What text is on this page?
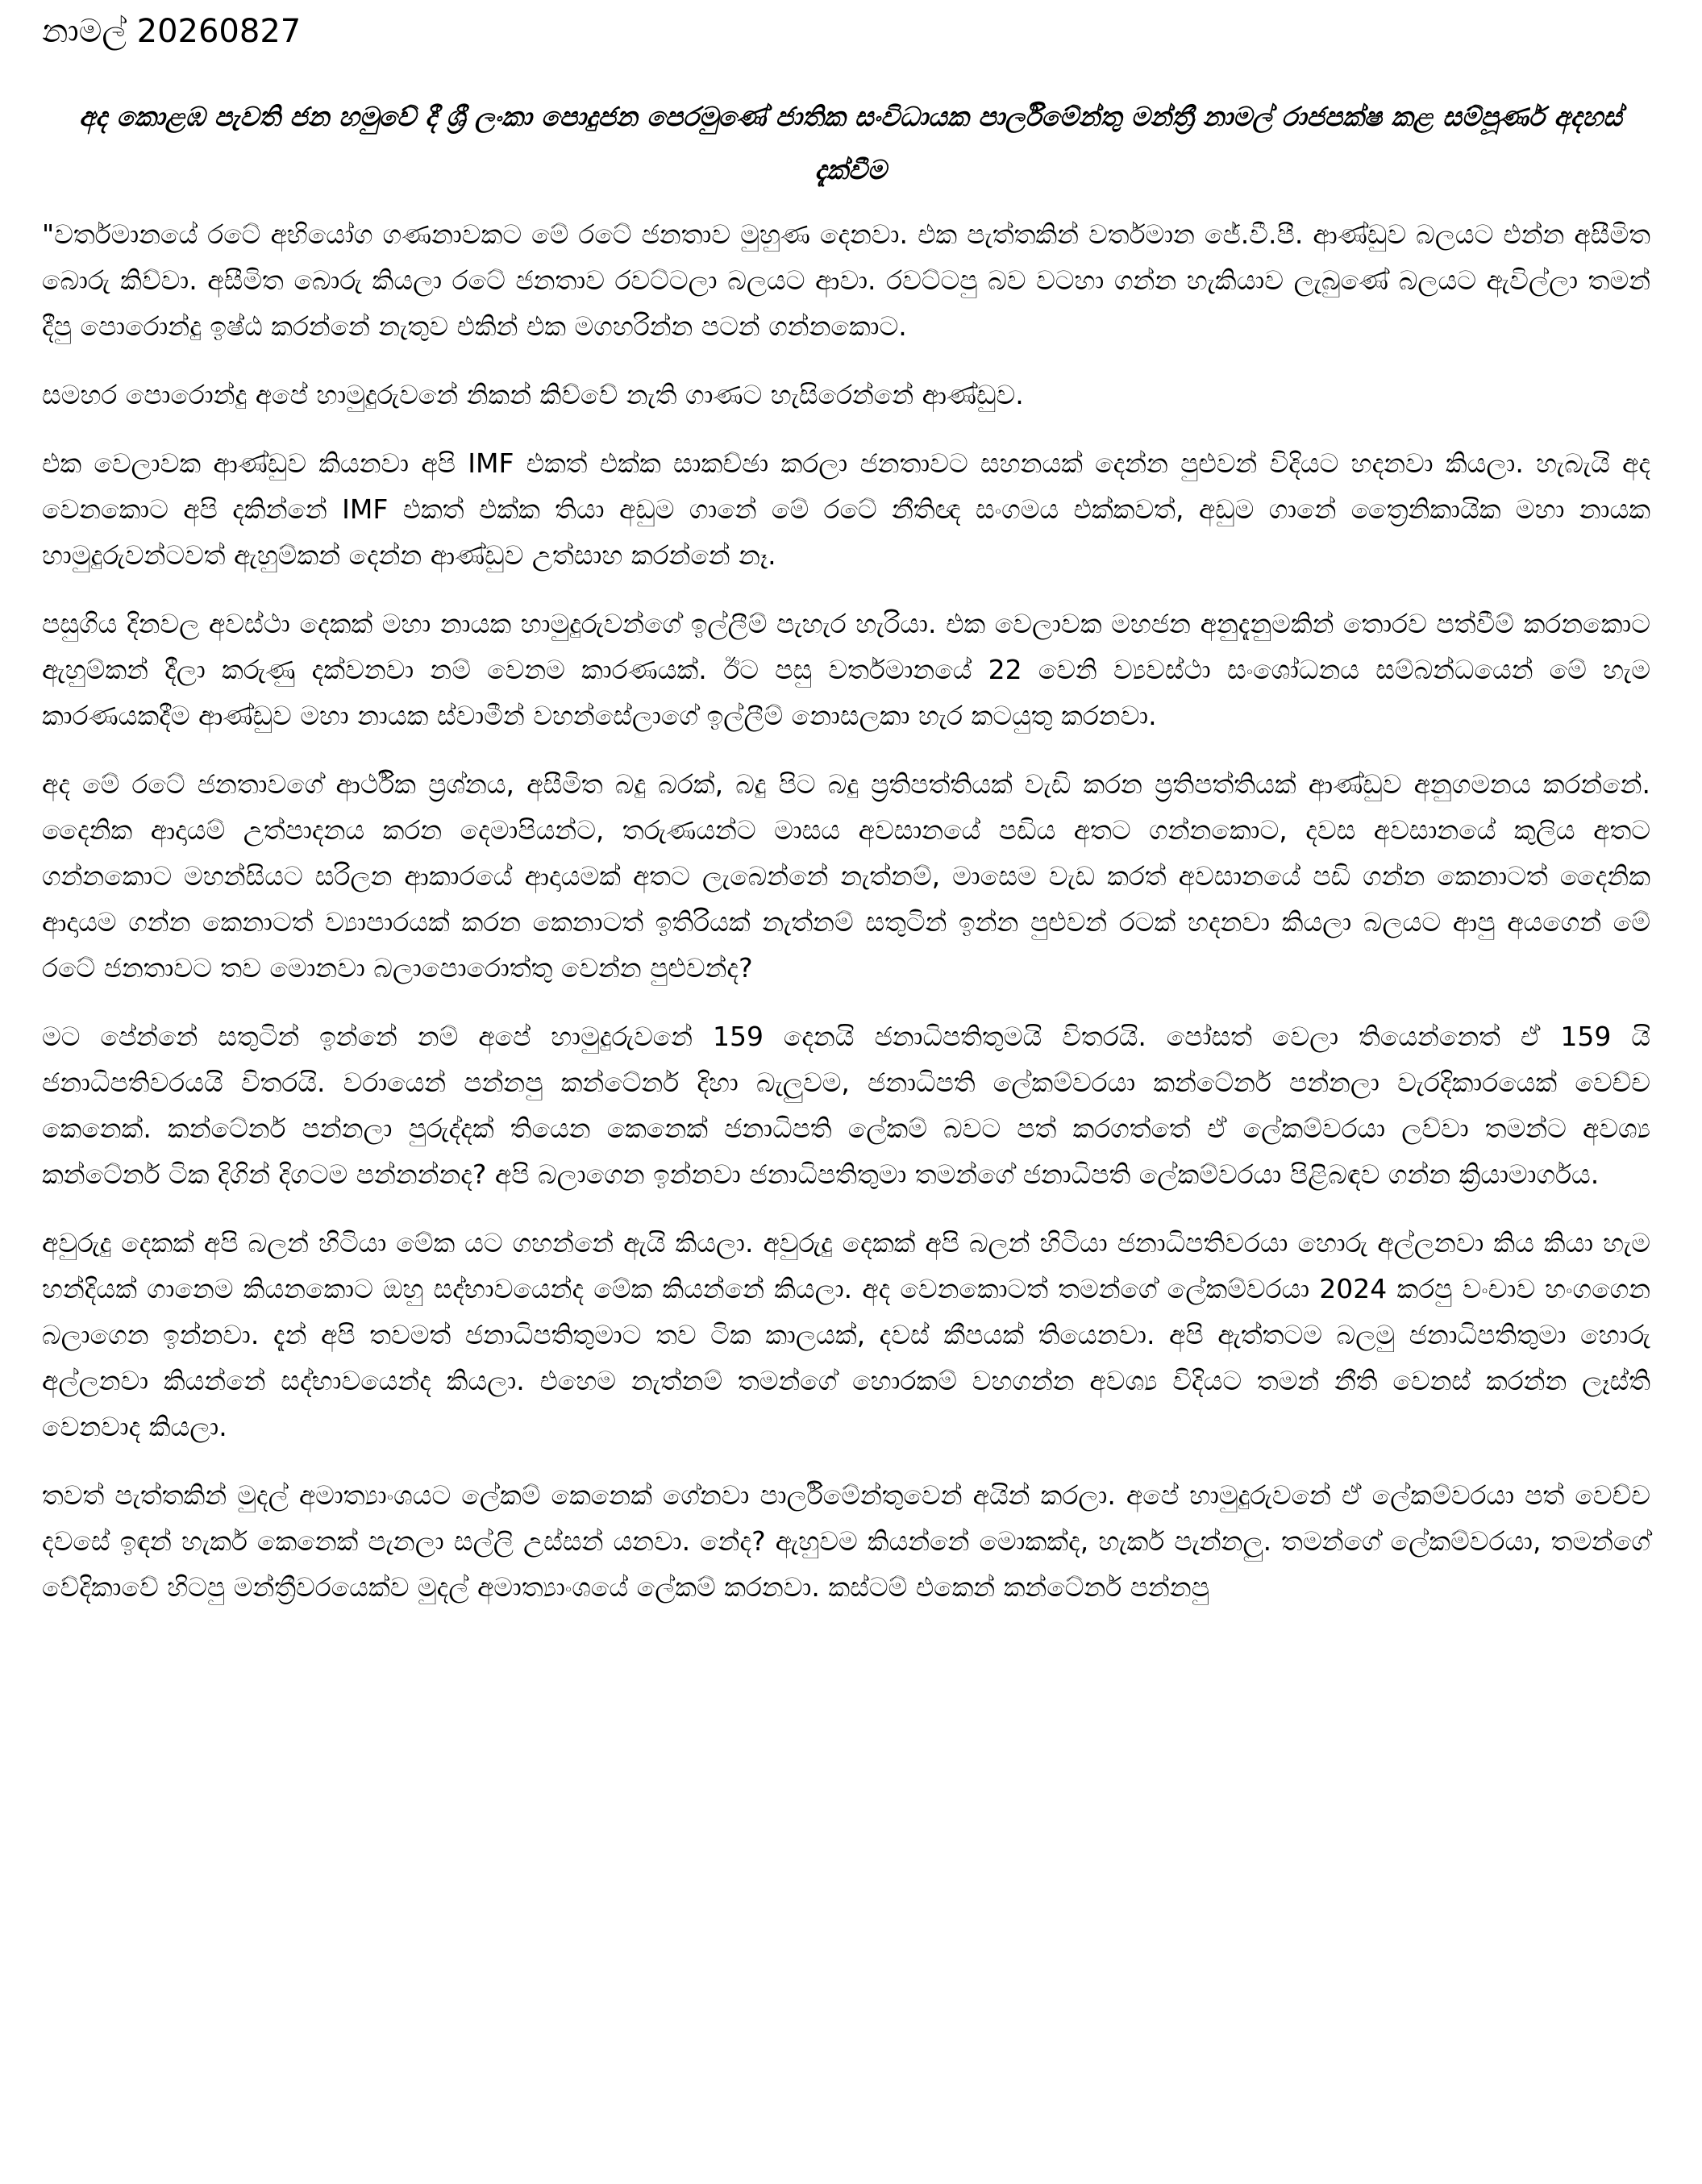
නාමල් 20260827
අද කොළඹ පැවති ජන හමුවේ දී ශ්‍රී ලංකා පොදුජන පෙරමුණේ ජාතික සංවිධායක පාර්ලිමේන්තු මන්ත්‍රී නාමල් රාජපක්ෂ කළ සම්පූර්ණ අදහස් දැක්වීම

"වර්තමානයේ රටේ අභියෝග ගණනාවකට මේ රටේ ජනතාව මුහුණ දෙනවා. එක පැත්තකින් වර්තමාන ජේ.වී.පී. ආණ්ඩුව බලයට එන්න අසීමිත බොරු කිව්වා. අසීමිත බොරු කියලා රටේ ජනතාව රවට්ටලා බලයට ආවා. රවට්ටපු බව වටහා ගන්න හැකියාව ලැබුණේ බලයට ඇවිල්ලා තමන් දීපු පොරොන්දු ඉෂ්ඨ කරන්නේ නැතුව එකින් එක මගහරින්න පටන් ගන්නකොට.

සමහර පොරොන්දු අපේ හාමුදුරුවනේ නිකන් කිව්වේ නැති ගාණට හැසිරෙන්නේ ආණ්ඩුව.

එක වෙලාවක ආණ්ඩුව කියනවා අපි IMF එකත් එක්ක සාකච්ඡා කරලා ජනතාවට සහනයක් දෙන්න පුළුවන් විදියට හදනවා කියලා. හැබැයි අද වෙනකොට අපි දකින්නේ IMF එකත් එක්ක තියා අඩුම ගානේ මේ රටේ නීතිඥ සංගමය එක්කවත්, අඩුම ගානේ ත්‍රෛනිකායික මහා නායක හාමුදුරුවන්ටවත් ඇහුම්කන් දෙන්න ආණ්ඩුව උත්සාහ කරන්නේ නෑ.

පසුගිය දිනවල අවස්ථා දෙකක් මහා නායක හාමුදුරුවන්ගේ ඉල්ලීම් පැහැර හැරියා. එක වෙලාවක මහජන අනුදැනුමකින් තොරව පත්වීම් කරනකොට ඇහුම්කන් දීලා කරුණු දක්වනවා නම් වෙනම කාරණයක්. ඊට පසු වර්තමානයේ 22 වෙනි ව්‍යවස්ථා සංශෝධනය සම්බන්ධයෙන් මේ හැම කාරණයකදීම ආණ්ඩුව මහා නායක ස්වාමීන් වහන්සේලාගේ ඉල්ලීම් නොසලකා හැර කටයුතු කරනවා.

අද මේ රටේ ජනතාවගේ ආර්ථික ප්‍රශ්නය, අසීමිත බදු බරක්, බදු පිට බදු ප්‍රතිපත්තියක් වැඩි කරන ප්‍රතිපත්තියක් ආණ්ඩුව අනුගමනය කරන්නේ. දෛනික ආදායම් උත්පාදනය කරන දෙමාපියන්ට, තරුණයන්ට මාසය අවසානයේ පඩිය අතට ගන්නකොට, දවස අවසානයේ කුලිය අතට ගන්නකොට මහන්සියට සරිලන ආකාරයේ ආදායමක් අතට ලැබෙන්නේ නැත්නම්, මාසෙම වැඩ කරත් අවසානයේ පඩි ගන්න කෙනාටත් දෛනික ආදායම ගන්න කෙනාටත් ව්‍යාපාරයක් කරන කෙනාටත් ඉතිරියක් නැත්නම් සතුටින් ඉන්න පුළුවන් රටක් හදනවා කියලා බලයට ආපු අයගෙන් මේ රටේ ජනතාවට තව මොනවා බලාපොරොත්තු වෙන්න පුළුවන්ද?

මට පේන්නේ සතුටින් ඉන්නේ නම් අපේ හාමුදුරුවනේ 159 දෙනයි ජනාධිපතිතුමයි විතරයි. පෝසත් වෙලා තියෙන්නෙත් ඒ 159 යි ජනාධිපතිවරයයි විතරයි. වරායෙන් පන්නපු කන්ටේනර් දිහා බැලුවම, ජනාධිපති ලේකම්වරයා කන්ටේනර් පන්නලා වැරදිකාරයෙක් වෙච්ච කෙනෙක්. කන්ටේනර් පන්නලා පුරුද්දක් තියෙන කෙනෙක් ජනාධිපති ලේකම් බවට පත් කරගත්තේ ඒ ලේකම්වරයා ලව්වා තමන්ට අවශ්‍ය කන්ටේනර් ටික දිගින් දිගටම පන්නන්නද? අපි බලාගෙන ඉන්නවා ජනාධිපතිතුමා තමන්ගේ ජනාධිපති ලේකම්වරයා පිළිබඳව ගන්න ක්‍රියාමාර්ගය.

අවුරුදු දෙකක් අපි බලන් හිටියා මේක යට ගහන්නේ ඇයි කියලා. අවුරුදු දෙකක් අපි බලන් හිටියා ජනාධිපතිවරයා හොරු අල්ලනවා කිය කියා හැම හන්දියක් ගානෙම කියනකොට ඔහු සද්භාවයෙන්ද මේක කියන්නේ කියලා. අද වෙනකොටත් තමන්ගේ ලේකම්වරයා 2024 කරපු වංචාව හංගගෙන බලාගෙන ඉන්නවා. දැන් අපි තවමත් ජනාධිපතිතුමාට තව ටික කාලයක්, දවස් කීපයක් තියෙනවා. අපි ඇත්තටම බලමු ජනාධිපතිතුමා හොරු අල්ලනවා කියන්නේ සද්භාවයෙන්ද කියලා. එහෙම නැත්නම් තමන්ගේ හොරකම් වහගන්න අවශ්‍ය විදියට තමන් නීති වෙනස් කරන්න ලෑස්ති වෙනවාද කියලා.

තවත් පැත්තකින් මුදල් අමාත්‍යාංශයට ලේකම් කෙනෙක් ගේනවා පාර්ලිමේන්තුවෙන් අයින් කරලා. අපේ හාමුදුරුවනේ ඒ ලේකම්වරයා පත් වෙච්ච දවසේ ඉඳන් හැකර් කෙනෙක් පැනලා සල්ලි උස්සන් යනවා. නේද? ඇහුවම කියන්නේ මොකක්ද, හැකර් පැන්නලු. තමන්ගේ ලේකම්වරයා, තමන්ගේ වේදිකාවේ හිටපු මන්ත්‍රීවරයෙක්ව මුදල් අමාත්‍යාංශයේ ලේකම් කරනවා. කස්ටම් එකෙන් කන්ටේනර් පන්නපු
